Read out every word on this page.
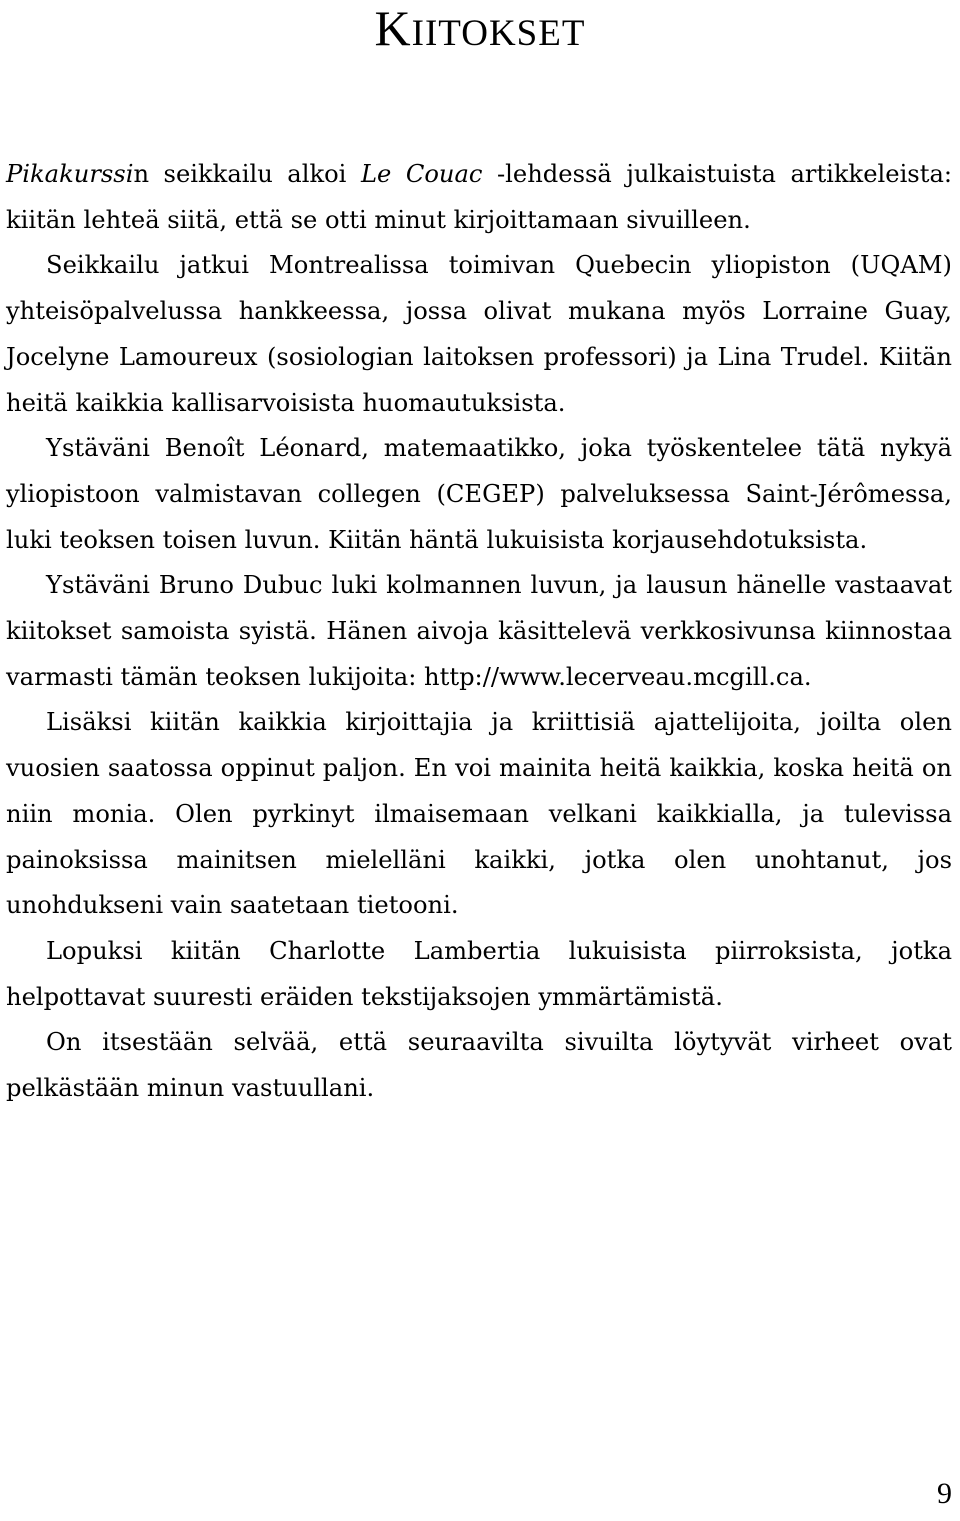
KIITOKSET

Pikakurssin seikkailu alkoi Le Couac -lehdessä julkaistuista artikkeleista: kiitän lehteä siitä, että se otti minut kirjoittamaan sivuilleen.

Seikkailu jatkui Montrealissa toimivan Quebecin yliopiston (UQAM) yhteisöpalvelussa hankkeessa, jossa olivat mukana myös Lorraine Guay, Jocelyne Lamoureux (sosiologian laitoksen professori) ja Lina Trudel. Kiitän heitä kaikkia kallisarvoisista huomautuksista.

Ystäväni Benoît Léonard, matemaatikko, joka työskentelee tätä nykyä yliopistoon valmistavan collegen (CEGEP) palveluksessa Saint-Jérômessa, luki teoksen toisen luvun. Kiitän häntä lukuisista korjausehdotuksista.

Ystäväni Bruno Dubuc luki kolmannen luvun, ja lausun hänelle vastaavat kiitokset samoista syistä. Hänen aivoja käsittelevä verkkosivunsa kiinnostaa varmasti tämän teoksen lukijoita: http://www.lecerveau.mcgill.ca.

Lisäksi kiitän kaikkia kirjoittajia ja kriittisiä ajattelijoita, joilta olen vuosien saatossa oppinut paljon. En voi mainita heitä kaikkia, koska heitä on niin monia. Olen pyrkinyt ilmaisemaan velkani kaikkialla, ja tulevissa painoksissa mainitsen mielelläni kaikki, jotka olen unohtanut, jos unohdukseni vain saatetaan tietooni.

Lopuksi kiitän Charlotte Lambertia lukuisista piirroksista, jotka helpottavat suuresti eräiden tekstijaksojen ymmärtämistä.

On itsestään selvää, että seuraavilta sivuilta löytyvät virheet ovat pelkästään minun vastuullani.

9
